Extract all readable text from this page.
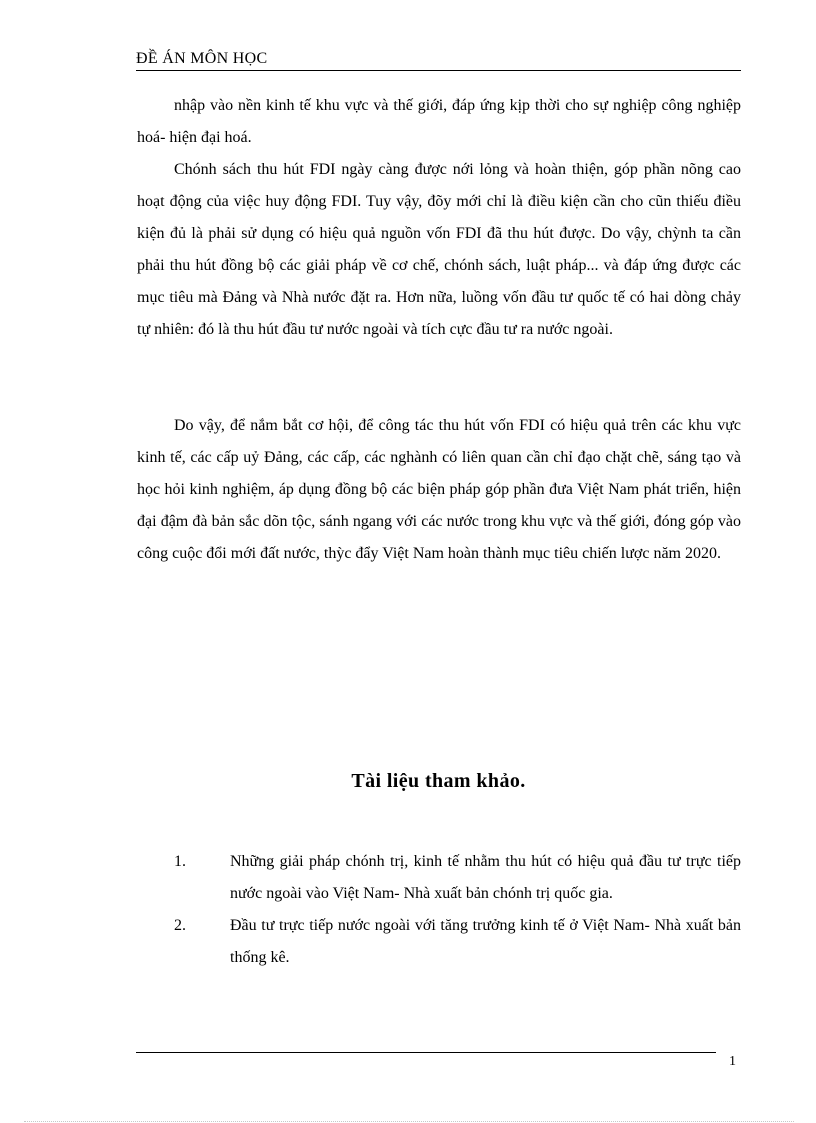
ĐỀ ÁN MÔN HỌC

nhập vào nền kinh tế khu vực và thế giới, đáp ứng kịp thời cho sự nghiệp công nghiệp hoá- hiện đại hoá.

Chónh sách thu hút FDI ngày càng được nới lỏng và hoàn thiện, góp phần nõng cao hoạt động của việc huy động FDI. Tuy vậy, đõy mới chỉ là điều kiện cần cho cũn thiếu điều kiện đủ là phải sử dụng có hiệu quả nguồn vốn FDI đã thu hút được. Do vậy, chỳnh ta cần phải thu hút đồng bộ các giải pháp về cơ chế, chónh sách, luật pháp... và đáp ứng được các mục tiêu mà Đảng và Nhà nước đặt ra. Hơn nữa, luồng vốn đầu tư quốc tế có hai dòng chảy tự nhiên: đó là thu hút đầu tư nước ngoài và tích cực đầu tư ra nước ngoài.

Do vậy, để nắm bắt cơ hội, để công tác thu hút vốn FDI có hiệu quả trên các khu vực kinh tế, các cấp uỷ Đảng, các cấp, các nghành có liên quan cần chỉ đạo chặt chẽ, sáng tạo và học hỏi kinh nghiệm, áp dụng đồng bộ các biện pháp góp phần đưa Việt Nam phát triển, hiện đại đậm đà bản sắc dõn tộc, sánh ngang với các nước trong khu vực và thế giới, đóng góp vào công cuộc đổi mới đất nước, thỳc đẩy Việt Nam hoàn thành mục tiêu chiến lược năm 2020.

Tài liệu tham khảo.
1.	Những giải pháp chónh trị, kinh tế nhằm thu hút có hiệu quả đầu tư trực tiếp nước ngoài vào Việt Nam- Nhà xuất bản chónh trị quốc gia.
2.	Đầu tư trực tiếp nước ngoài với tăng trưởng kinh tế ở Việt Nam- Nhà xuất bản thống kê.
1
